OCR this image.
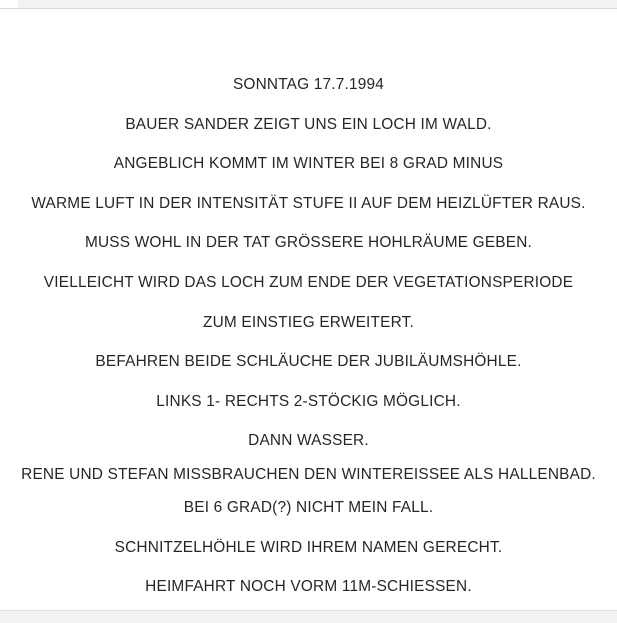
SONNTAG 17.7.1994
BAUER SANDER ZEIGT UNS EIN LOCH IM WALD.
ANGEBLICH KOMMT IM WINTER BEI 8 GRAD MINUS
WARME LUFT IN DER INTENSITÄT STUFE II AUF DEM HEIZLÜFTER RAUS.
MUSS WOHL IN DER TAT GRÖSSERE HOHLRÄUME GEBEN.
VIELLEICHT WIRD DAS LOCH ZUM ENDE DER VEGETATIONSPERIODE
ZUM EINSTIEG ERWEITERT.
BEFAHREN BEIDE SCHLÄUCHE DER JUBILÄUMSHÖHLE.
LINKS 1- RECHTS 2-STÖCKIG MÖGLICH.
DANN WASSER.
RENE UND STEFAN MISSBRAUCHEN DEN WINTEREISSEE ALS HALLENBAD.
BEI 6 GRAD(?) NICHT MEIN FALL.
SCHNITZELHÖHLE WIRD IHREM NAMEN GERECHT.
HEIMFAHRT NOCH VORM 11M-SCHIESSEN.
